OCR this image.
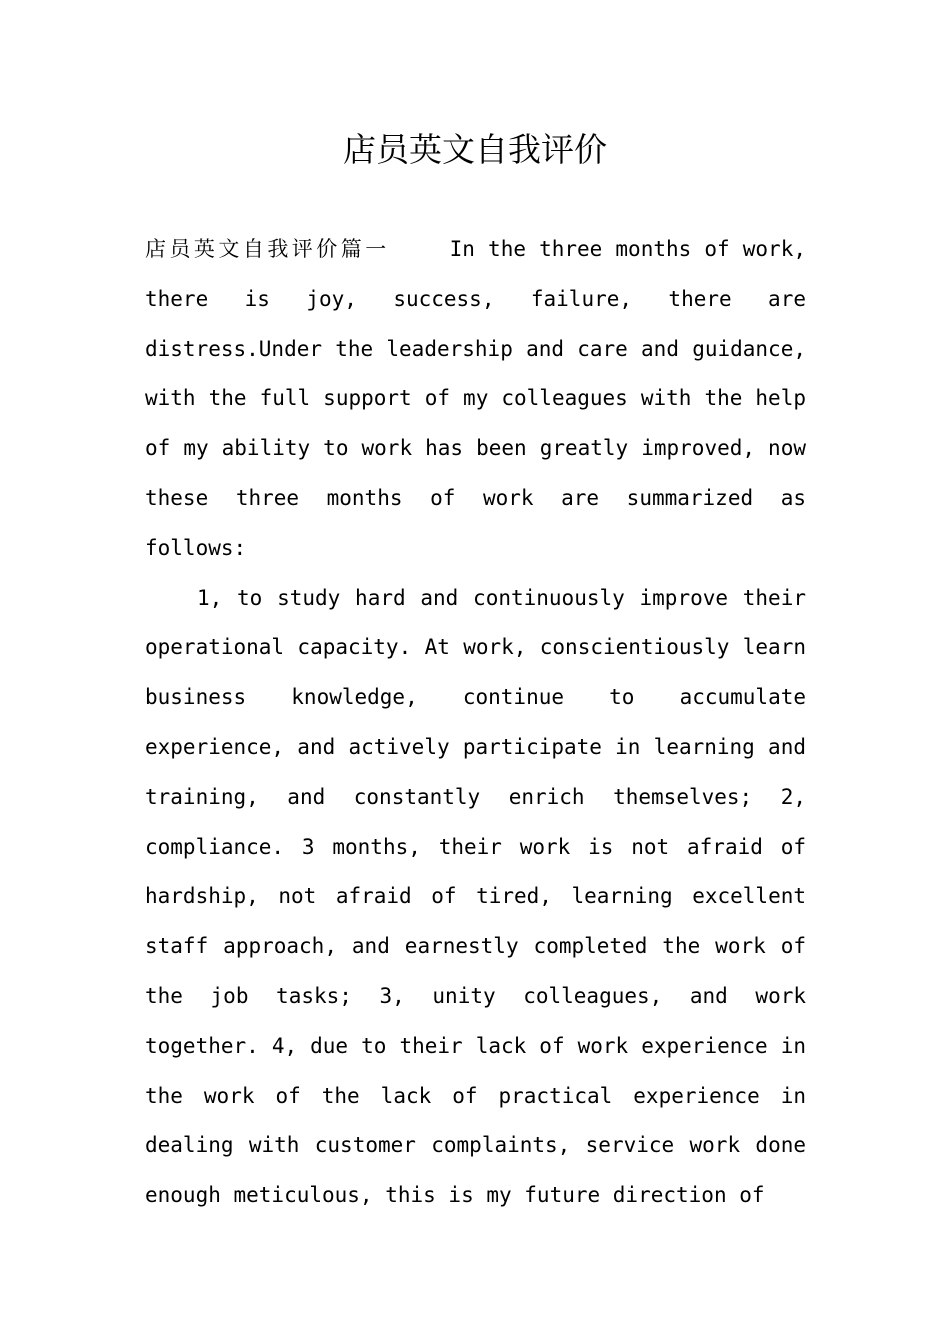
店员英文自我评价

店员英文自我评价篇一	In the three months of work, there is joy, success, failure, there are distress.Under the leadership and care and guidance, with the full support of my colleagues with the help of my ability to work has been greatly improved, now these three months of work are summarized as follows:

1, to study hard and continuously improve their operational capacity. At work, conscientiously learn business knowledge, continue to accumulate experience, and actively participate in learning and training, and constantly enrich themselves; 2, compliance. 3 months, their work is not afraid of hardship, not afraid of tired, learning excellent staff approach, and earnestly completed the work of the job tasks; 3, unity colleagues, and work together. 4, due to their lack of work experience in the work of the lack of practical experience in dealing with customer complaints, service work done enough meticulous, this is my future direction of
